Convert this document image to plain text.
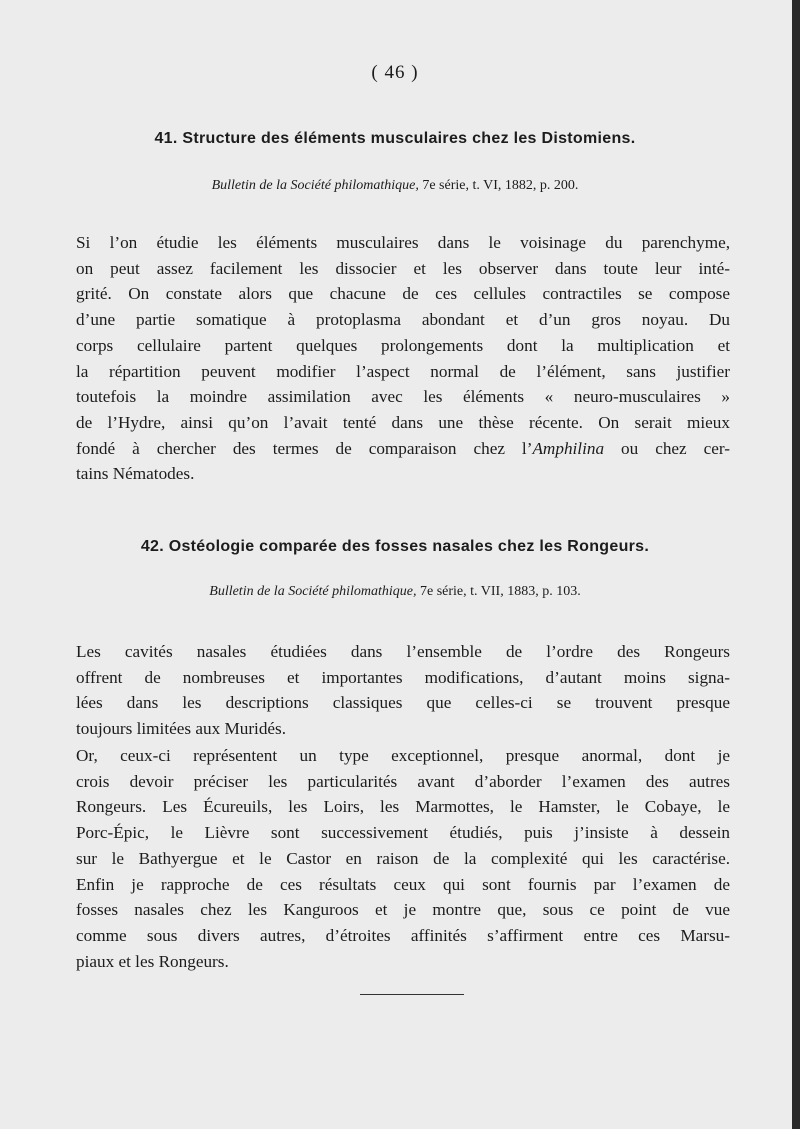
( 46 )
41. Structure des éléments musculaires chez les Distomiens.
Bulletin de la Société philomathique, 7e série, t. VI, 1882, p. 200.
Si l’on étudie les éléments musculaires dans le voisinage du parenchyme,
on peut assez facilement les dissocier et les observer dans toute leur inté-
grité. On constate alors que chacune de ces cellules contractiles se compose
d’une partie somatique à protoplasma abondant et d’un gros noyau. Du
corps cellulaire partent quelques prolongements dont la multiplication et
la répartition peuvent modifier l’aspect normal de l’élément, sans justifier
toutefois la moindre assimilation avec les éléments « neuro-musculaires »
de l’Hydre, ainsi qu’on l’avait tenté dans une thèse récente. On serait mieux
fondé à chercher des termes de comparaison chez l’Amphilina ou chez cer-
tains Nématodes.
42. Ostéologie comparée des fosses nasales chez les Rongeurs.
Bulletin de la Société philomathique, 7e série, t. VII, 1883, p. 103.
Les cavités nasales étudiées dans l’ensemble de l’ordre des Rongeurs
offrent de nombreuses et importantes modifications, d’autant moins signa-
lées dans les descriptions classiques que celles-ci se trouvent presque
toujours limitées aux Muridés.
Or, ceux-ci représentent un type exceptionnel, presque anormal, dont je
crois devoir préciser les particularités avant d’aborder l’examen des autres
Rongeurs. Les Écureuils, les Loirs, les Marmottes, le Hamster, le Cobaye, le
Porc-Épic, le Lièvre sont successivement étudiés, puis j’insiste à dessein
sur le Bathyergue et le Castor en raison de la complexité qui les caractérise.
Enfin je rapproche de ces résultats ceux qui sont fournis par l’examen de
fosses nasales chez les Kanguroos et je montre que, sous ce point de vue
comme sous divers autres, d’étroites affinités s’affirment entre ces Marsu-
piaux et les Rongeurs.
